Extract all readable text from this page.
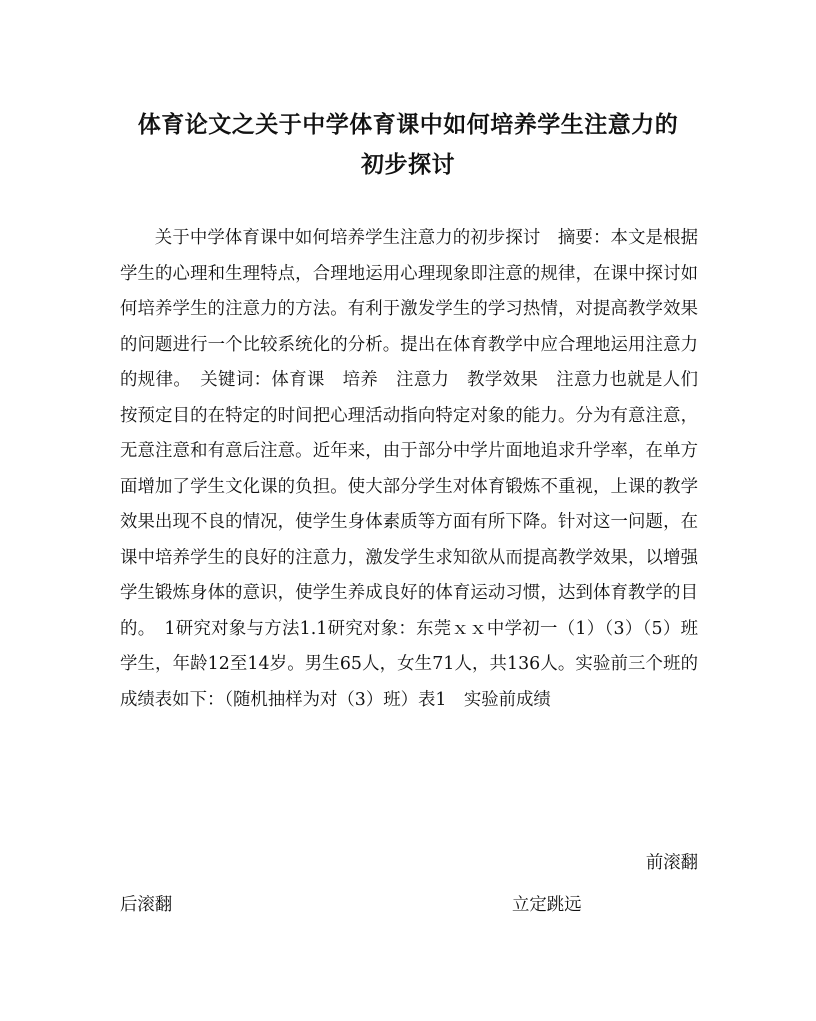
体育论文之关于中学体育课中如何培养学生注意力的
初步探讨

关于中学体育课中如何培养学生注意力的初步探讨　摘要：本文是根据学生的心理和生理特点，合理地运用心理现象即注意的规律，在课中探讨如何培养学生的注意力的方法。有利于激发学生的学习热情，对提高教学效果的问题进行一个比较系统化的分析。提出在体育教学中应合理地运用注意力的规律。　关键词：体育课　培养　注意力　教学效果　注意力也就是人们按预定目的在特定的时间把心理活动指向特定对象的能力。分为有意注意，无意注意和有意后注意。近年来，由于部分中学片面地追求升学率，在单方面增加了学生文化课的负担。使大部分学生对体育锻炼不重视，上课的教学效果出现不良的情况，使学生身体素质等方面有所下降。针对这一问题，在课中培养学生的良好的注意力，激发学生求知欲从而提高教学效果，以增强学生锻炼身体的意识，使学生养成良好的体育运动习惯，达到体育教学的目的。　1研究对象与方法1.1研究对象：东莞ｘｘ中学初一（1）（3）（5）班学生，年龄12至14岁。男生65人，女生71人，共136人。实验前三个班的成绩表如下：（随机抽样为对（3）班）表1　实验前成绩

前滚翻
后滚翻	立定跳远
